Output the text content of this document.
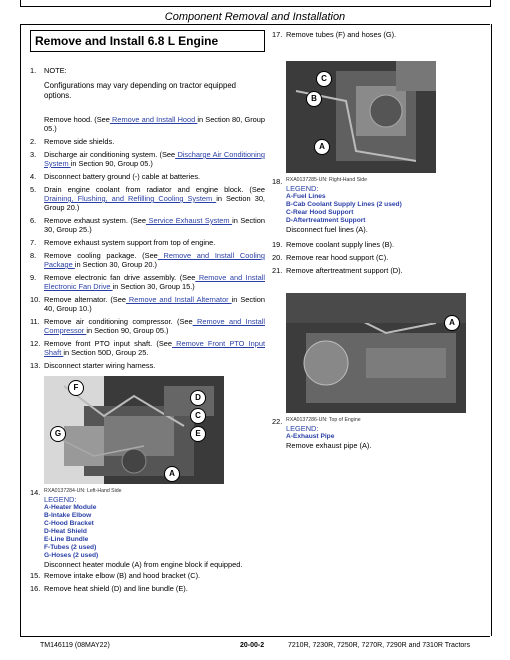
Component Removal and Installation
Remove and Install 6.8 L Engine
1.	NOTE:
Configurations may vary depending on tractor equipped options.
Remove hood. (See Remove and Install Hood in Section 80, Group 05.)
2.	Remove side shields.
3.	Discharge air conditioning system. (See Discharge Air Conditioning System in Section 90, Group 05.)
4.	Disconnect battery ground (-) cable at batteries.
5.	Drain engine coolant from radiator and engine block. (See Draining, Flushing, and Refilling Cooling System in Section 30, Group 20.)
6.	Remove exhaust system. (See Service Exhaust System in Section 30, Group 25.)
7.	Remove exhaust system support from top of engine.
8.	Remove cooling package. (See Remove and Install Cooling Package in Section 30, Group 20.)
9.	Remove electronic fan drive assembly. (See Remove and Install Electronic Fan Drive in Section 30, Group 15.)
10. Remove alternator. (See Remove and Install Alternator in Section 40, Group 10.)
11. Remove air conditioning compressor. (See Remove and Install Compressor in Section 90, Group 05.)
12. Remove front PTO input shaft. (See Remove Front PTO Input Shaft in Section 50D, Group 25.
13. Disconnect starter wiring harness.
F
D
C
E
G
A
14. RXA0137284-UN: Left-Hand Side
LEGEND:
A-Heater Module
B-Intake Elbow
C-Hood Bracket
D-Heat Shield
E-Line Bundle
F-Tubes (2 used)
G-Hoses (2 used)
Disconnect heater module (A) from engine block if equipped.
15. Remove intake elbow (B) and hood bracket (C).
16. Remove heat shield (D) and line bundle (E).
17. Remove tubes (F) and hoses (G).
C
B
A
18. RXA0137285-UN: Right-Hand Side
LEGEND:
A-Fuel Lines
B-Cab Coolant Supply Lines (2 used)
C-Rear Hood Support
D-Aftertreatment Support
Disconnect fuel lines (A).
19. Remove coolant supply lines (B).
20. Remove rear hood support (C).
21. Remove aftertreatment support (D).
A
22. RXA0137286-UN: Top of Engine
LEGEND:
A-Exhaust Pipe
Remove exhaust pipe (A).
TM146119 (08MAY22)	20-00-2	7210R, 7230R, 7250R, 7270R, 7290R and 7310R Tractors
